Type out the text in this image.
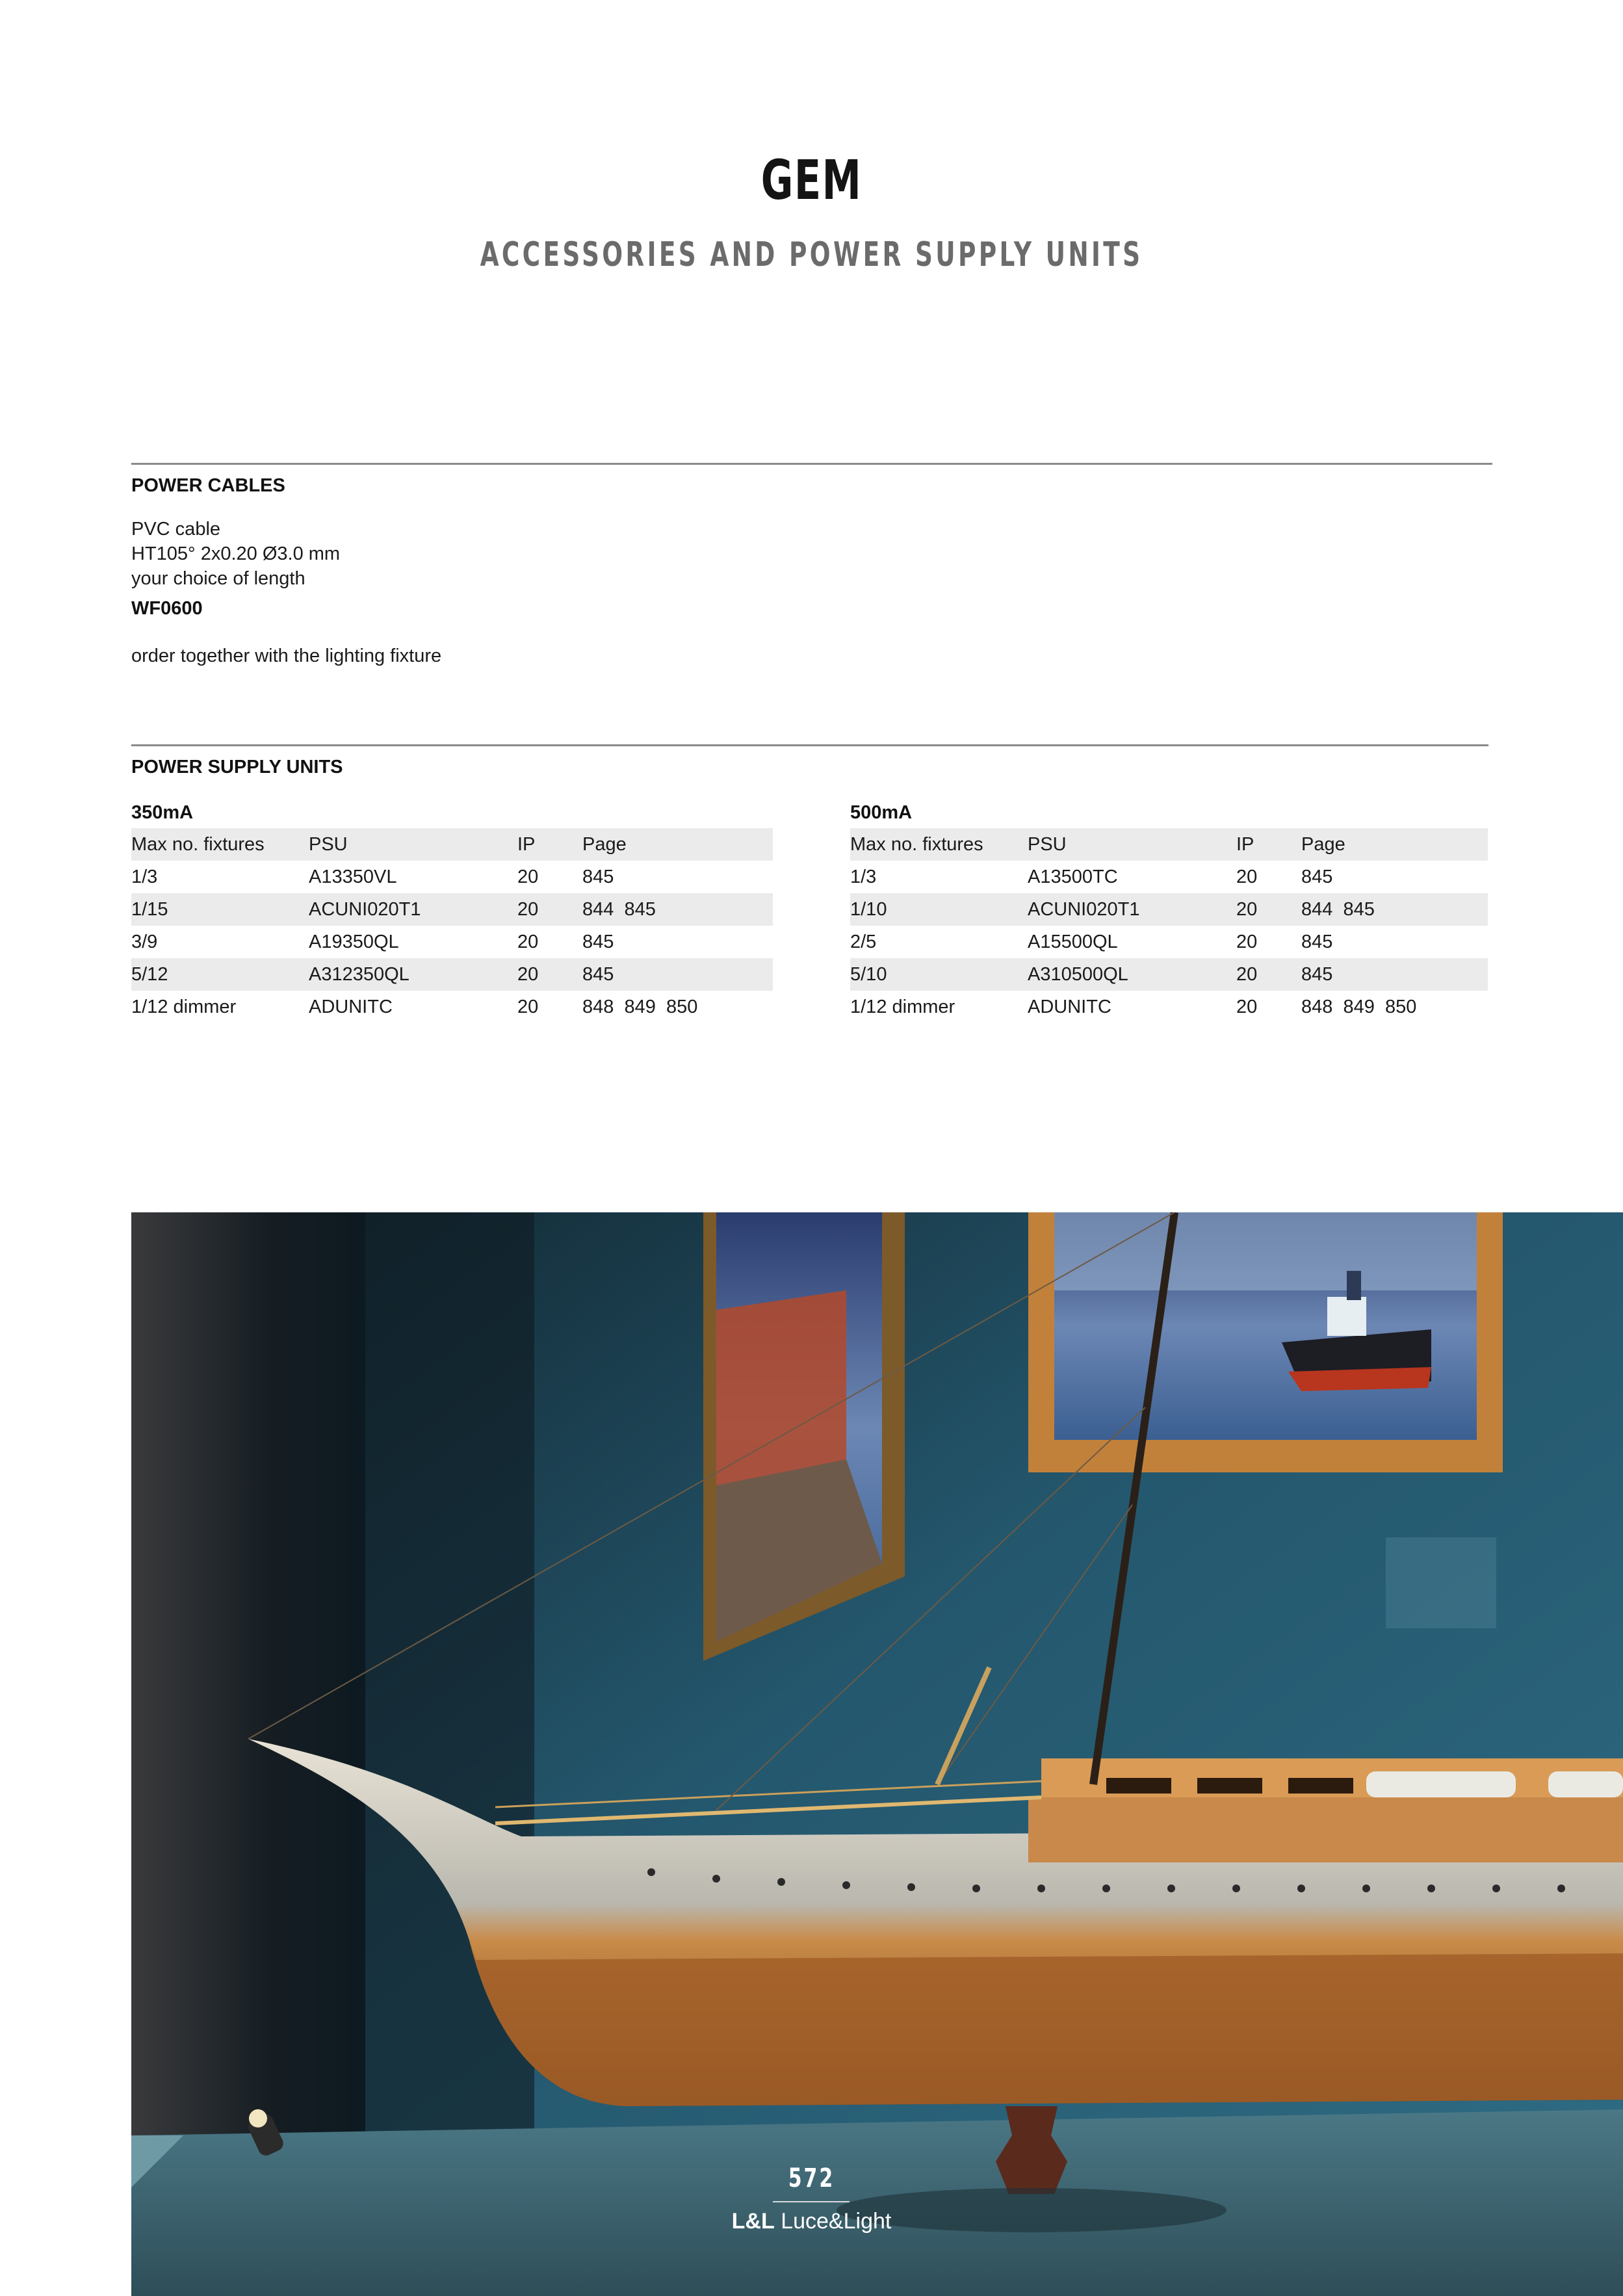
GEM
ACCESSORIES AND POWER SUPPLY UNITS
POWER CABLES
PVC cable
HT105° 2x0.20 Ø3.0 mm
your choice of length
WF0600
order together with the lighting fixture
POWER SUPPLY UNITS
350mA
Max no. fixtures	PSU	IP	Page
1/3	A13350VL	20	845
1/15	ACUNI020T1	20	844  845
3/9	A19350QL	20	845
5/12	A312350QL	20	845
1/12 dimmer	ADUNITC	20	848  849  850
500mA
Max no. fixtures	PSU	IP	Page
1/3	A13500TC	20	845
1/10	ACUNI020T1	20	844  845
2/5	A15500QL	20	845
5/10	A310500QL	20	845
1/12 dimmer	ADUNITC	20	848  849  850
572
L&L Luce&Light
